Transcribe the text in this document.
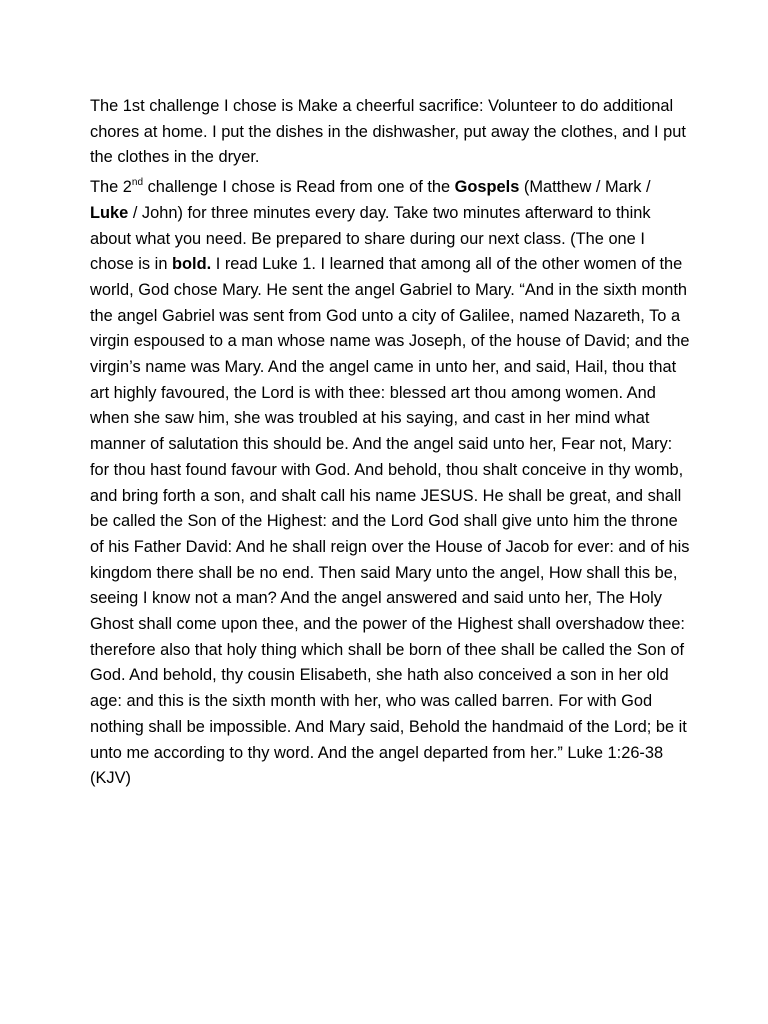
The 1st challenge I chose is Make a cheerful sacrifice: Volunteer to do additional chores at home. I put the dishes in the dishwasher, put away the clothes, and I put the clothes in the dryer.

The 2nd challenge I chose is Read from one of the Gospels (Matthew / Mark / Luke / John) for three minutes every day. Take two minutes afterward to think about what you need. Be prepared to share during our next class. (The one I chose is in bold. I read Luke 1. I learned that among all of the other women of the world, God chose Mary. He sent the angel Gabriel to Mary. “And in the sixth month the angel Gabriel was sent from God unto a city of Galilee, named Nazareth, To a virgin espoused to a man whose name was Joseph, of the house of David; and the virgin’s name was Mary. And the angel came in unto her, and said, Hail, thou that art highly favoured, the Lord is with thee: blessed art thou among women. And when she saw him, she was troubled at his saying, and cast in her mind what manner of salutation this should be. And the angel said unto her, Fear not, Mary: for thou hast found favour with God. And behold, thou shalt conceive in thy womb, and bring forth a son, and shalt call his name JESUS. He shall be great, and shall be called the Son of the Highest: and the Lord God shall give unto him the throne of his Father David: And he shall reign over the House of Jacob for ever: and of his kingdom there shall be no end. Then said Mary unto the angel, How shall this be, seeing I know not a man? And the angel answered and said unto her, The Holy Ghost shall come upon thee, and the power of the Highest shall overshadow thee: therefore also that holy thing which shall be born of thee shall be called the Son of God. And behold, thy cousin Elisabeth, she hath also conceived a son in her old age: and this is the sixth month with her, who was called barren. For with God nothing shall be impossible. And Mary said, Behold the handmaid of the Lord; be it unto me according to thy word. And the angel departed from her.” Luke 1:26-38 (KJV)
